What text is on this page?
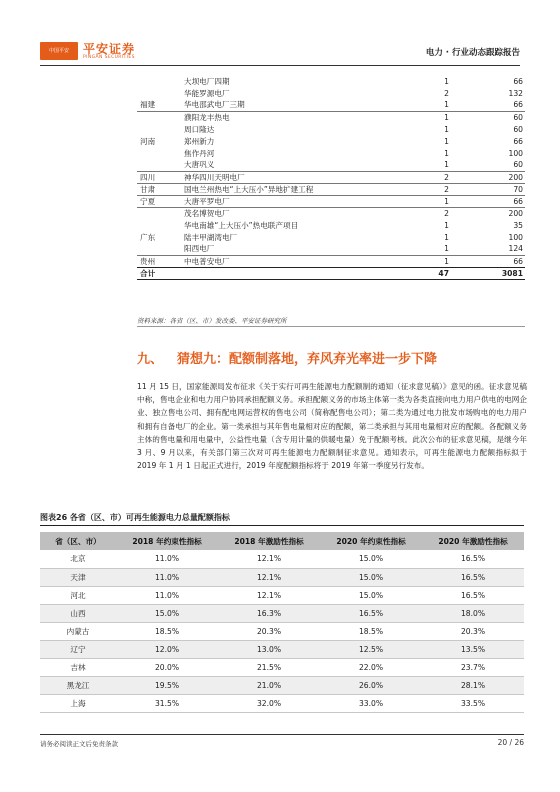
中国平安	平安证券
PINGAN SECURITIES	电力 · 行业动态跟踪报告
	大坝电厂四期	1	66
	华能罗源电厂	2	132
福建	华电邵武电厂三期	1	66
	濮阳龙丰热电	1	60
	周口隆达	1	60
河南	郑州新力	1	66
	焦作丹河	1	100
	大唐巩义	1	60
四川	神华四川天明电厂	2	200
甘肃	国电兰州热电“上大压小”异地扩建工程	2	70
宁夏	大唐平罗电厂	1	66
	茂名博贺电厂	2	200
	华电南雄“上大压小”热电联产项目	1	35
广东	陆丰甲湖湾电厂	1	100
	阳西电厂	1	124
贵州	中电普安电厂	1	66
合计		47	3081
资料来源：各省（区、市）发改委、平安证券研究所
九、 猜想九：配额制落地，弃风弃光率进一步下降
11 月 15 日，国家能源局发布征求《关于实行可再生能源电力配额制的通知（征求意见稿）》意见的函。征求意见稿中称，售电企业和电力用户协同承担配额义务。承担配额义务的市场主体第一类为各类直接向电力用户供电的电网企业、独立售电公司、拥有配电网运营权的售电公司（简称配售电公司）；第二类为通过电力批发市场购电的电力用户和拥有自备电厂的企业。第一类承担与其年售电量相对应的配额，第二类承担与其用电量相对应的配额。各配额义务主体的售电量和用电量中，公益性电量（含专用计量的供暖电量）免于配额考核。此次公布的征求意见稿，是继今年 3 月、9 月以来，有关部门第三次对可再生能源电力配额制征求意见。通知表示，可再生能源电力配额指标拟于 2019 年 1 月 1 日起正式进行，2019 年度配额指标将于 2019 年第一季度另行发布。
图表26 各省（区、市）可再生能源电力总量配额指标
省（区、市）	2018 年约束性指标	2018 年激励性指标	2020 年约束性指标	2020 年激励性指标
北京	11.0%	12.1%	15.0%	16.5%
天津	11.0%	12.1%	15.0%	16.5%
河北	11.0%	12.1%	15.0%	16.5%
山西	15.0%	16.3%	16.5%	18.0%
内蒙古	18.5%	20.3%	18.5%	20.3%
辽宁	12.0%	13.0%	12.5%	13.5%
吉林	20.0%	21.5%	22.0%	23.7%
黑龙江	19.5%	21.0%	26.0%	28.1%
上海	31.5%	32.0%	33.0%	33.5%
请务必阅读正文后免责条款	20 / 26
